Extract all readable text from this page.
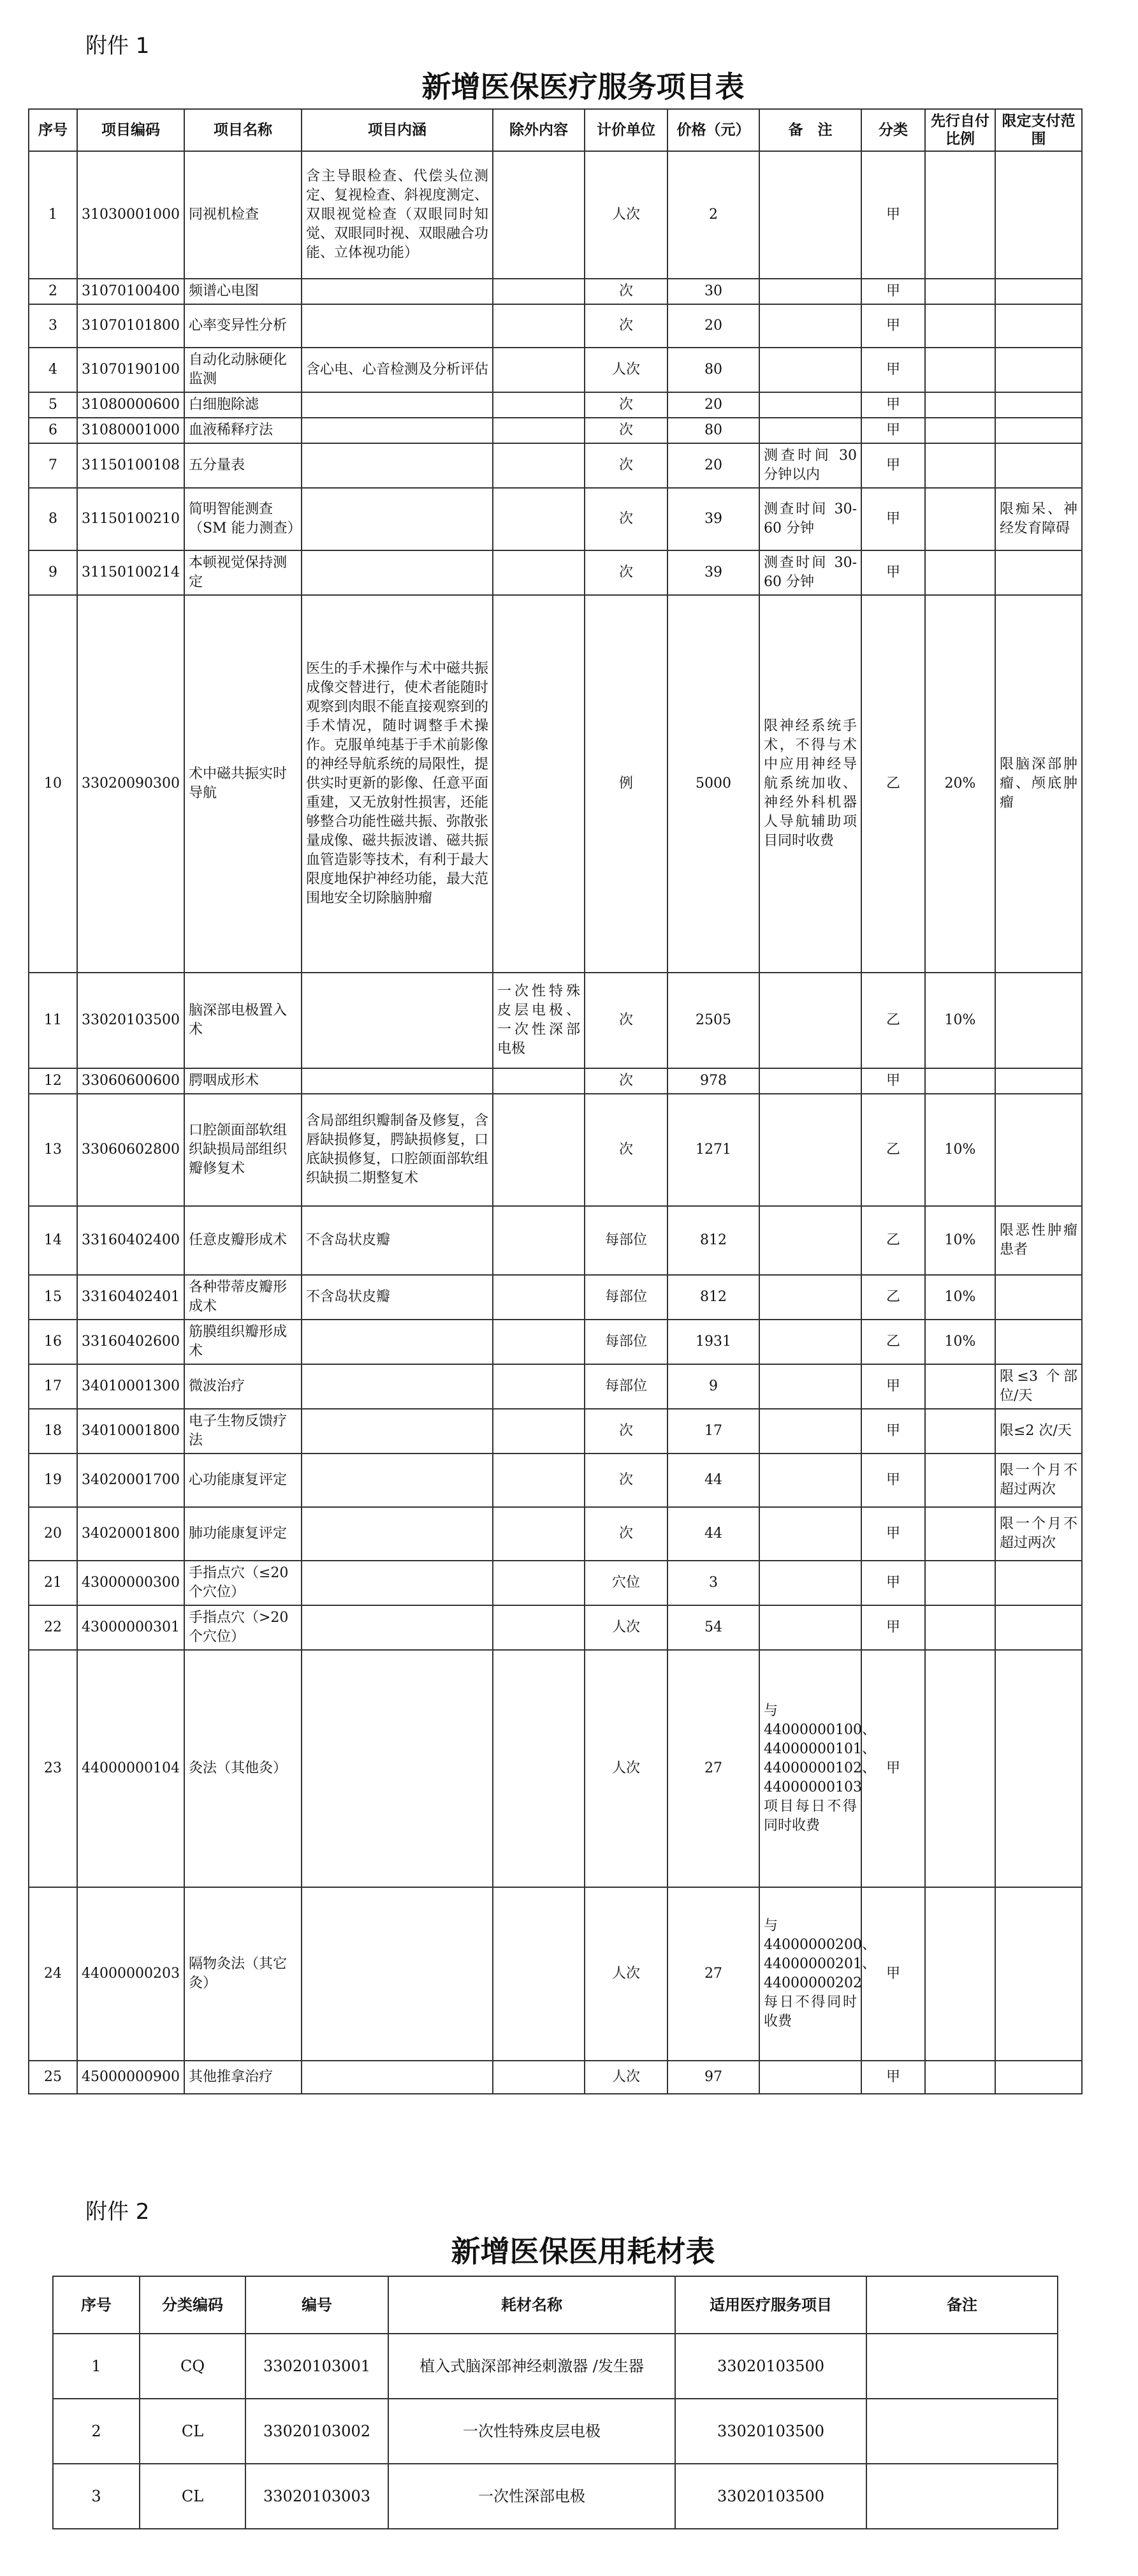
附件 1
新增医保医疗服务项目表
序号	项目编码	项目名称	项目内涵	除外内容	计价单位	价格（元）	备　注	分类	先行自付比例	限定支付范围
1	31030001000	同视机检查	含主导眼检查、代偿头位测定、复视检查、斜视度测定、双眼视觉检查（双眼同时知觉、双眼同时视、双眼融合功能、立体视功能）		人次	2		甲		
2	31070100400	频谱心电图			次	30		甲		
3	31070101800	心率变异性分析			次	20		甲		
4	31070190100	自动化动脉硬化监测	含心电、心音检测及分析评估		人次	80		甲		
5	31080000600	白细胞除滤			次	20		甲		
6	31080001000	血液稀释疗法			次	80		甲		
7	31150100108	五分量表			次	20	测查时间 30 分钟以内	甲		
8	31150100210	简明智能测查（SM 能力测查）			次	39	测查时间 30-60 分钟	甲		限痴呆、神经发育障碍
9	31150100214	本顿视觉保持测定			次	39	测查时间 30-60 分钟	甲		
10	33020090300	术中磁共振实时导航	医生的手术操作与术中磁共振成像交替进行，使术者能随时观察到肉眼不能直接观察到的手术情况，随时调整手术操作。克服单纯基于手术前影像的神经导航系统的局限性，提供实时更新的影像、任意平面重建，又无放射性损害，还能够整合功能性磁共振、弥散张量成像、磁共振波谱、磁共振血管造影等技术，有利于最大限度地保护神经功能，最大范围地安全切除脑肿瘤		例	5000	限神经系统手术，不得与术中应用神经导航系统加收、神经外科机器人导航辅助项目同时收费	乙	20%	限脑深部肿瘤、颅底肿瘤
11	33020103500	脑深部电极置入术		一次性特殊皮层电极、一次性深部电极	次	2505		乙	10%	
12	33060600600	腭咽成形术			次	978		甲		
13	33060602800	口腔颌面部软组织缺损局部组织瓣修复术	含局部组织瓣制备及修复，含唇缺损修复，腭缺损修复，口底缺损修复，口腔颌面部软组织缺损二期整复术		次	1271		乙	10%	
14	33160402400	任意皮瓣形成术	不含岛状皮瓣		每部位	812		乙	10%	限恶性肿瘤患者
15	33160402401	各种带蒂皮瓣形成术	不含岛状皮瓣		每部位	812		乙	10%	
16	33160402600	筋膜组织瓣形成术			每部位	1931		乙	10%	
17	34010001300	微波治疗			每部位	9		甲		限≤3 个部位/天
18	34010001800	电子生物反馈疗法			次	17		甲		限≤2 次/天
19	34020001700	心功能康复评定			次	44		甲		限一个月不超过两次
20	34020001800	肺功能康复评定			次	44		甲		限一个月不超过两次
21	43000000300	手指点穴（≤20 个穴位）			穴位	3		甲		
22	43000000301	手指点穴（>20 个穴位）			人次	54		甲		
23	44000000104	灸法（其他灸）			人次	27	与 44000000100、44000000101、44000000102、44000000103 项目每日不得同时收费	甲		
24	44000000203	隔物灸法（其它灸）			人次	27	与 44000000200、44000000201、44000000202 每日不得同时收费	甲		
25	45000000900	其他推拿治疗			人次	97		甲		
附件 2
新增医保医用耗材表
序号	分类编码	编号	耗材名称	适用医疗服务项目	备注
1	CQ	33020103001	植入式脑深部神经刺激器 /发生器	33020103500	
2	CL	33020103002	一次性特殊皮层电极	33020103500	
3	CL	33020103003	一次性深部电极	33020103500	
